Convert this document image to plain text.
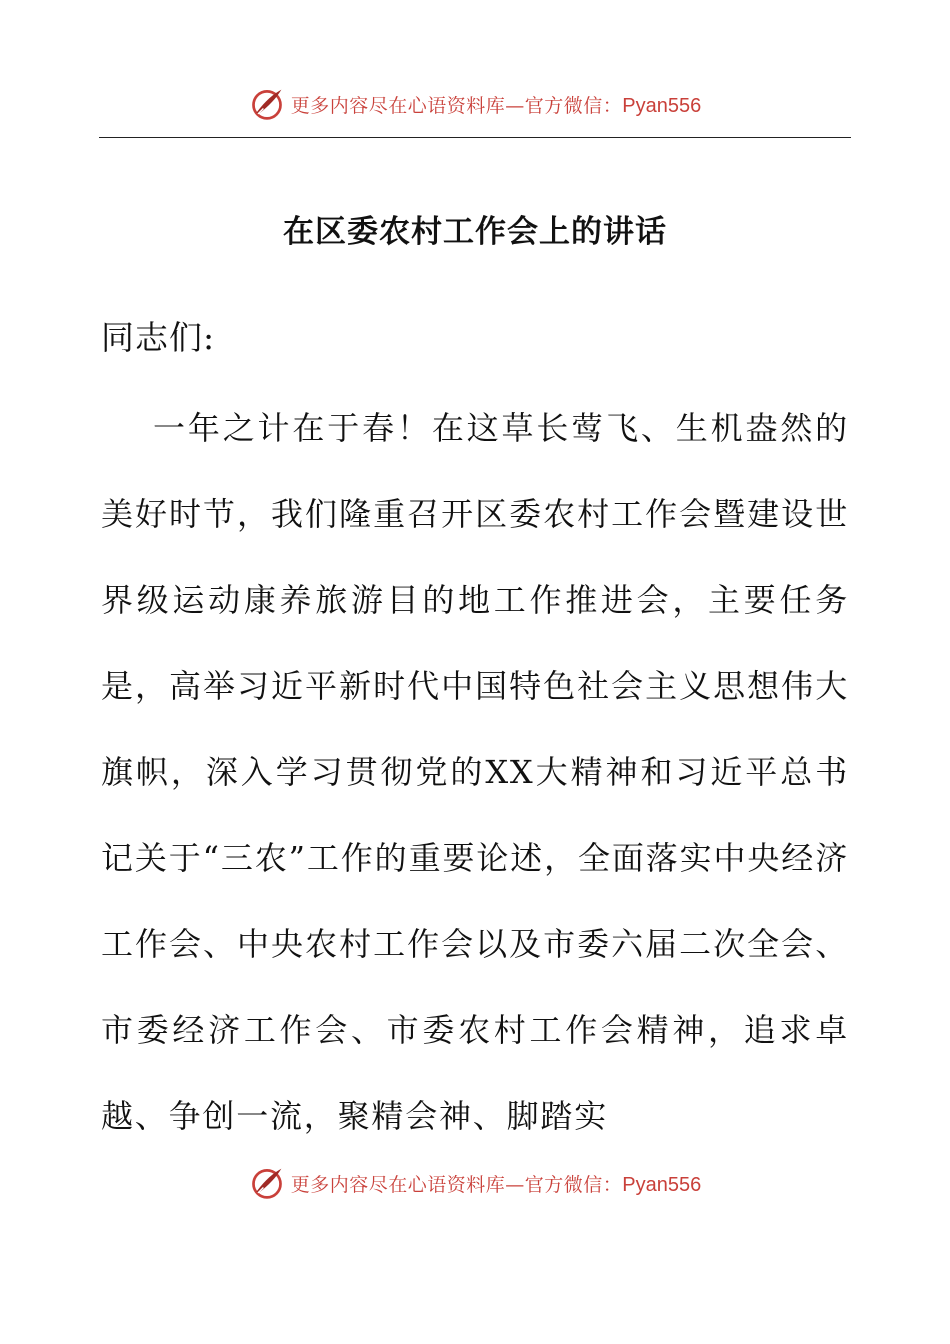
更多内容尽在心语资料库—官方微信：Pyan556
在区委农村工作会上的讲话

同志们:

一年之计在于春！在这草长莺飞、生机盎然的美好时节，我们隆重召开区委农村工作会暨建设世界级运动康养旅游目的地工作推进会，主要任务是，高举习近平新时代中国特色社会主义思想伟大旗帜，深入学习贯彻党的XX大精神和习近平总书记关于“三农”工作的重要论述，全面落实中央经济工作会、中央农村工作会以及市委六届二次全会、市委经济工作会、市委农村工作会精神，追求卓越、争创一流，聚精会神、脚踏实

更多内容尽在心语资料库—官方微信：Pyan556
